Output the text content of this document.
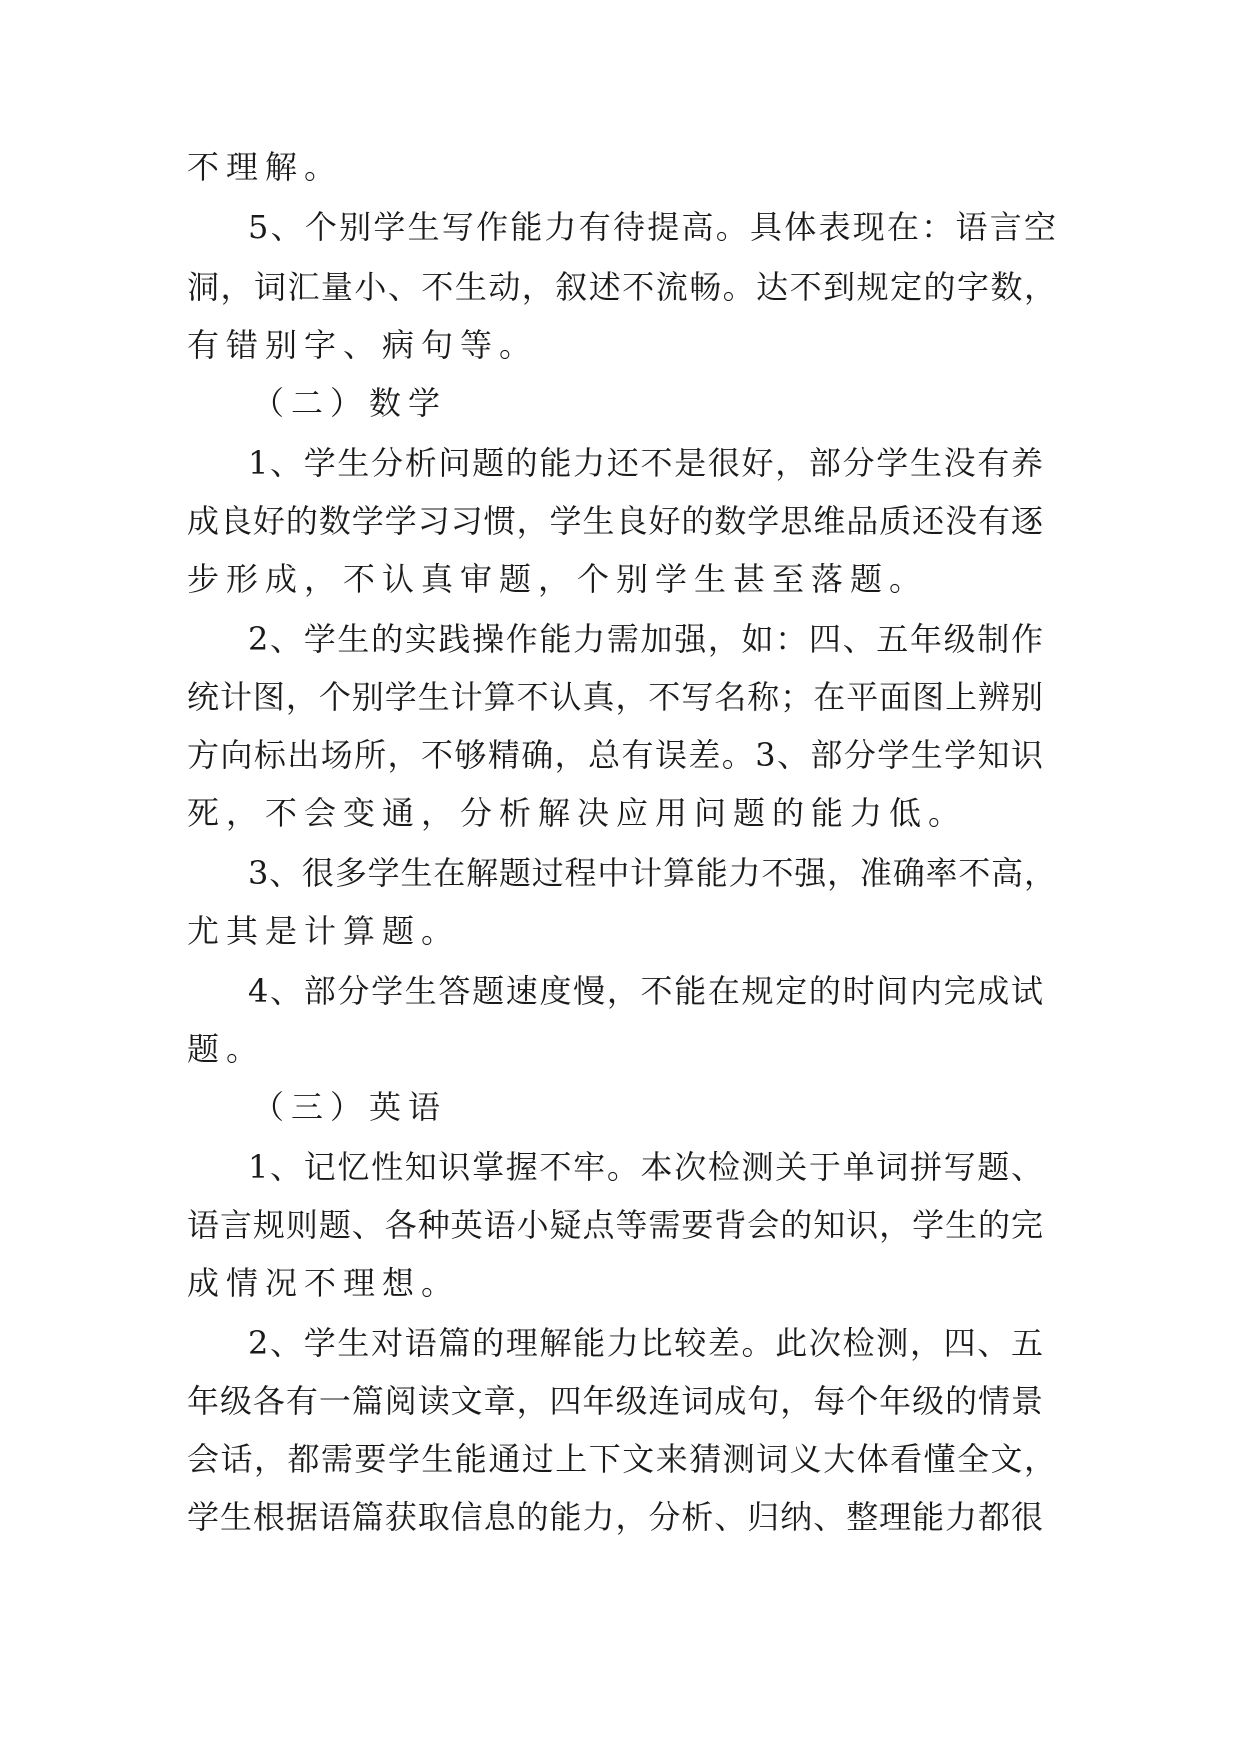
不理解。

5、个别学生写作能力有待提高。具体表现在：语言空

洞，词汇量小、不生动，叙述不流畅。达不到规定的字数，

有错别字、病句等。

（二）数学

1、学生分析问题的能力还不是很好，部分学生没有养

成良好的数学学习习惯，学生良好的数学思维品质还没有逐

步形成，不认真审题，个别学生甚至落题。

2、学生的实践操作能力需加强，如：四、五年级制作

统计图，个别学生计算不认真，不写名称；在平面图上辨别

方向标出场所，不够精确，总有误差。3、部分学生学知识

死，不会变通，分析解决应用问题的能力低。

3、很多学生在解题过程中计算能力不强，准确率不高，

尤其是计算题。

4、部分学生答题速度慢，不能在规定的时间内完成试

题。

（三）英语

1、记忆性知识掌握不牢。本次检测关于单词拼写题、

语言规则题、各种英语小疑点等需要背会的知识，学生的完

成情况不理想。

2、学生对语篇的理解能力比较差。此次检测，四、五

年级各有一篇阅读文章，四年级连词成句，每个年级的情景

会话，都需要学生能通过上下文来猜测词义大体看懂全文，

学生根据语篇获取信息的能力，分析、归纳、整理能力都很
